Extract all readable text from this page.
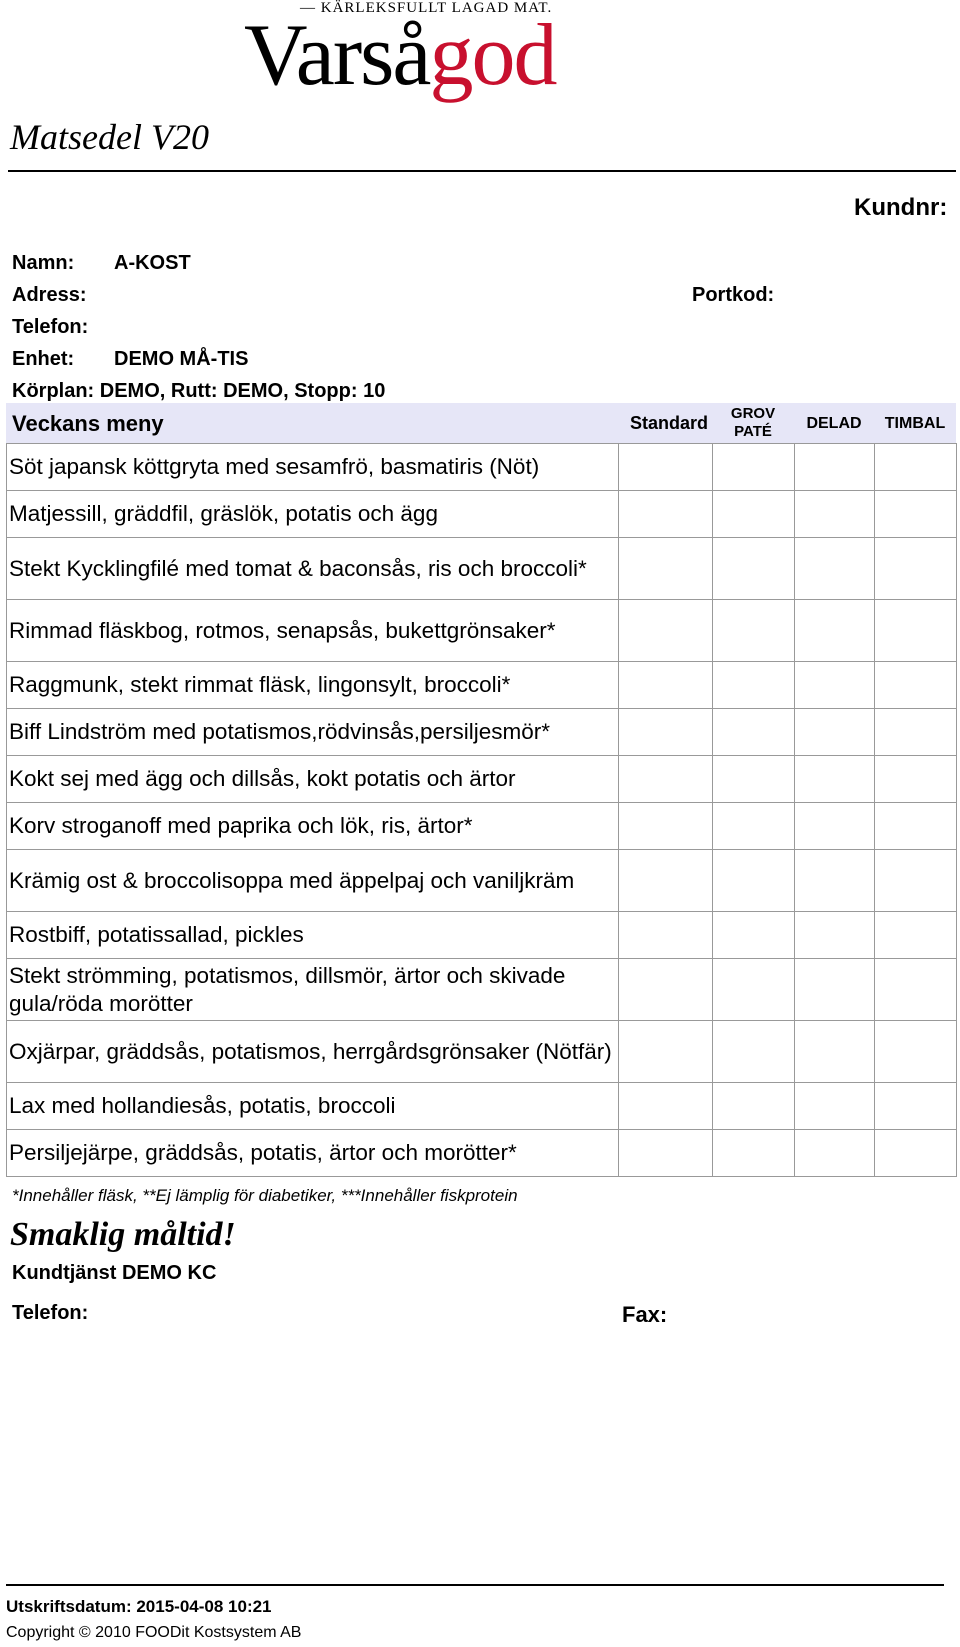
— KÄRLEKSFULLT LAGAD MAT.
Varsågod
Matsedel V20
Kundnr:
Namn: A-KOST
Adress:	Portkod:
Telefon:
Enhet: DEMO MÅ-TIS
Körplan: DEMO, Rutt: DEMO, Stopp: 10
Veckans meny	Standard	GROV PATÉ	DELAD	TIMBAL
Söt japansk köttgryta med sesamfrö, basmatiris (Nöt)				
Matjessill, gräddfil, gräslök, potatis och ägg				
Stekt Kycklingfilé med tomat & baconsås, ris och broccoli*				
Rimmad fläskbog, rotmos, senapsås, bukettgrönsaker*				
Raggmunk, stekt rimmat fläsk, lingonsylt, broccoli*				
Biff Lindström med potatismos,rödvinsås,persiljesmör*				
Kokt sej med ägg och dillsås, kokt potatis och ärtor				
Korv stroganoff med paprika och lök, ris, ärtor*				
Krämig ost & broccolisoppa med äppelpaj och vaniljkräm				
Rostbiff, potatissallad, pickles				
Stekt strömming, potatismos, dillsmör, ärtor och skivade gula/röda morötter				
Oxjärpar, gräddsås, potatismos, herrgårdsgrönsaker (Nötfär)				
Lax med hollandiesås, potatis, broccoli				
Persiljejärpe, gräddsås, potatis, ärtor och morötter*				
*Innehåller fläsk, **Ej lämplig för diabetiker, ***Innehåller fiskprotein
Smaklig måltid!
Kundtjänst DEMO KC
Telefon:	Fax:
Utskriftsdatum: 2015-04-08 10:21
Copyright © 2010 FOODit Kostsystem AB
